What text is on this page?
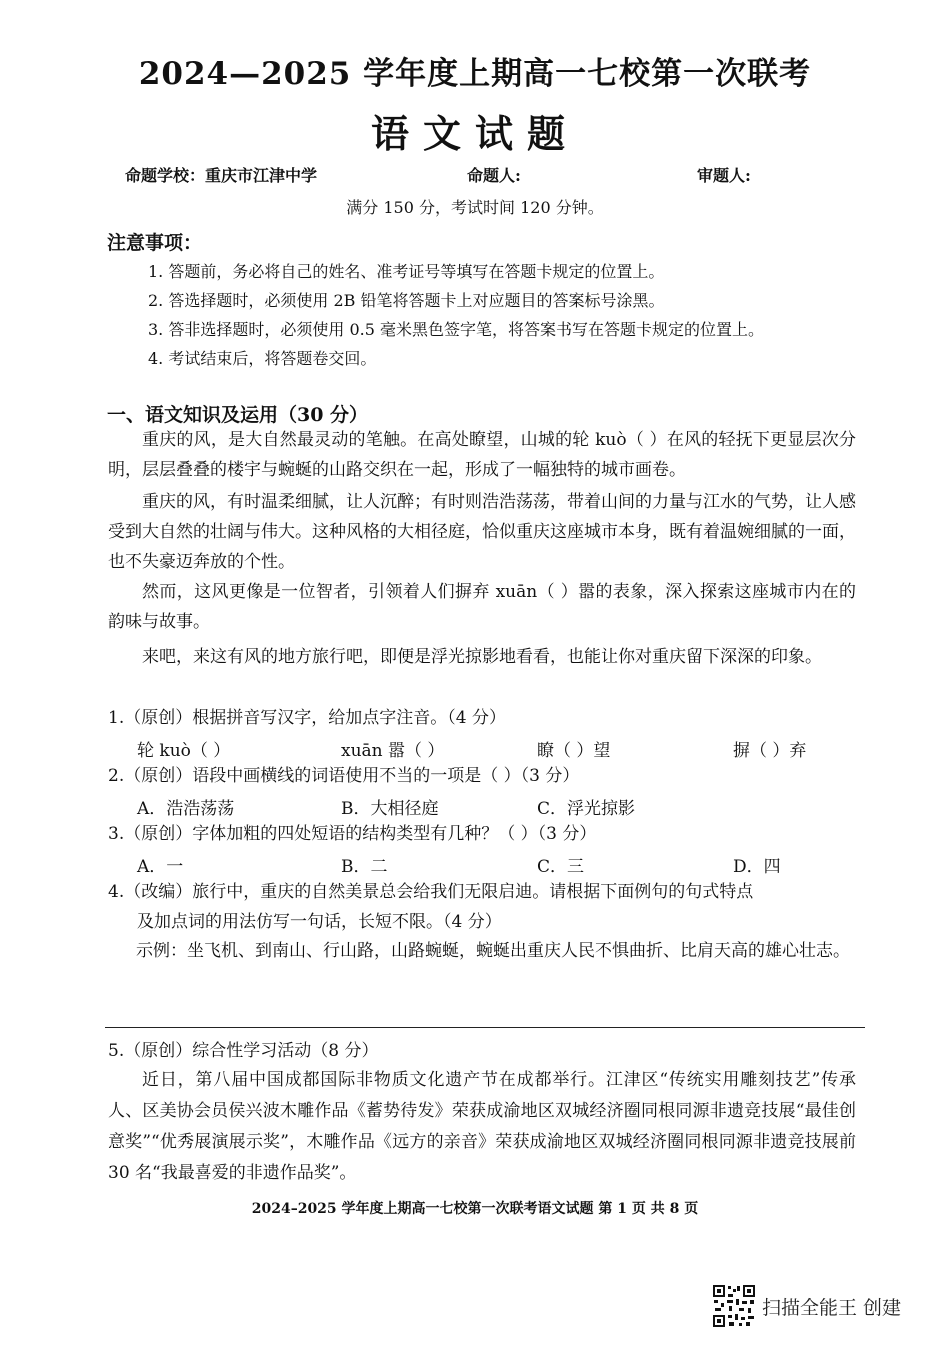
2024—2025 学年度上期高一七校第一次联考
语文试题
命题学校：重庆市江津中学	命题人:	审题人:
满分 150 分，考试时间 120 分钟。
注意事项：
1. 答题前，务必将自己的姓名、准考证号等填写在答题卡规定的位置上。
2. 答选择题时，必须使用 2B 铅笔将答题卡上对应题目的答案标号涂黑。
3. 答非选择题时，必须使用 0.5 毫米黑色签字笔，将答案书写在答题卡规定的位置上。
4. 考试结束后，将答题卷交回。
一、语文知识及运用（30 分）
重庆的风，是大自然最灵动的笔触。在高处瞭望，山城的轮 kuò（ ）在风的轻抚下更显层次分明，层层叠叠的楼宇与蜿蜒的山路交织在一起，形成了一幅独特的城市画卷。
重庆的风，有时温柔细腻，让人沉醉；有时则浩浩荡荡，带着山间的力量与江水的气势，让人感受到大自然的壮阔与伟大。这种风格的大相径庭，恰似重庆这座城市本身，既有着温婉细腻的一面，也不失豪迈奔放的个性。
然而，这风更像是一位智者，引领着人们摒弃 xuān（ ）嚣的表象，深入探索这座城市内在的韵味与故事。
来吧，来这有风的地方旅行吧，即便是浮光掠影地看看，也能让你对重庆留下深深的印象。
1.（原创）根据拼音写汉字，给加点字注音。（4 分）
轮 kuò（ ）	xuān 嚣（ ）	瞭（ ）望	摒（ ）弃
2.（原创）语段中画横线的词语使用不当的一项是（ ）（3 分）
A．浩浩荡荡	B．大相径庭	C．浮光掠影
3.（原创）字体加粗的四处短语的结构类型有几种？（ ）（3 分）
A．一	B．二	C．三	D．四
4.（改编）旅行中，重庆的自然美景总会给我们无限启迪。请根据下面例句的句式特点
及加点词的用法仿写一句话，长短不限。（4 分）
示例：坐飞机、到南山、行山路，山路蜿蜒，蜿蜒出重庆人民不惧曲折、比肩天高的雄心壮志。
5.（原创）综合性学习活动（8 分）
近日，第八届中国成都国际非物质文化遗产节在成都举行。江津区“传统实用雕刻技艺”传承人、区美协会员侯兴波木雕作品《蓄势待发》荣获成渝地区双城经济圈同根同源非遗竞技展“最佳创意奖”“优秀展演展示奖”，木雕作品《远方的亲音》荣获成渝地区双城经济圈同根同源非遗竞技展前 30 名“我最喜爱的非遗作品奖”。
2024–2025 学年度上期高一七校第一次联考语文试题 第 1 页 共 8 页
扫描全能王 创建
